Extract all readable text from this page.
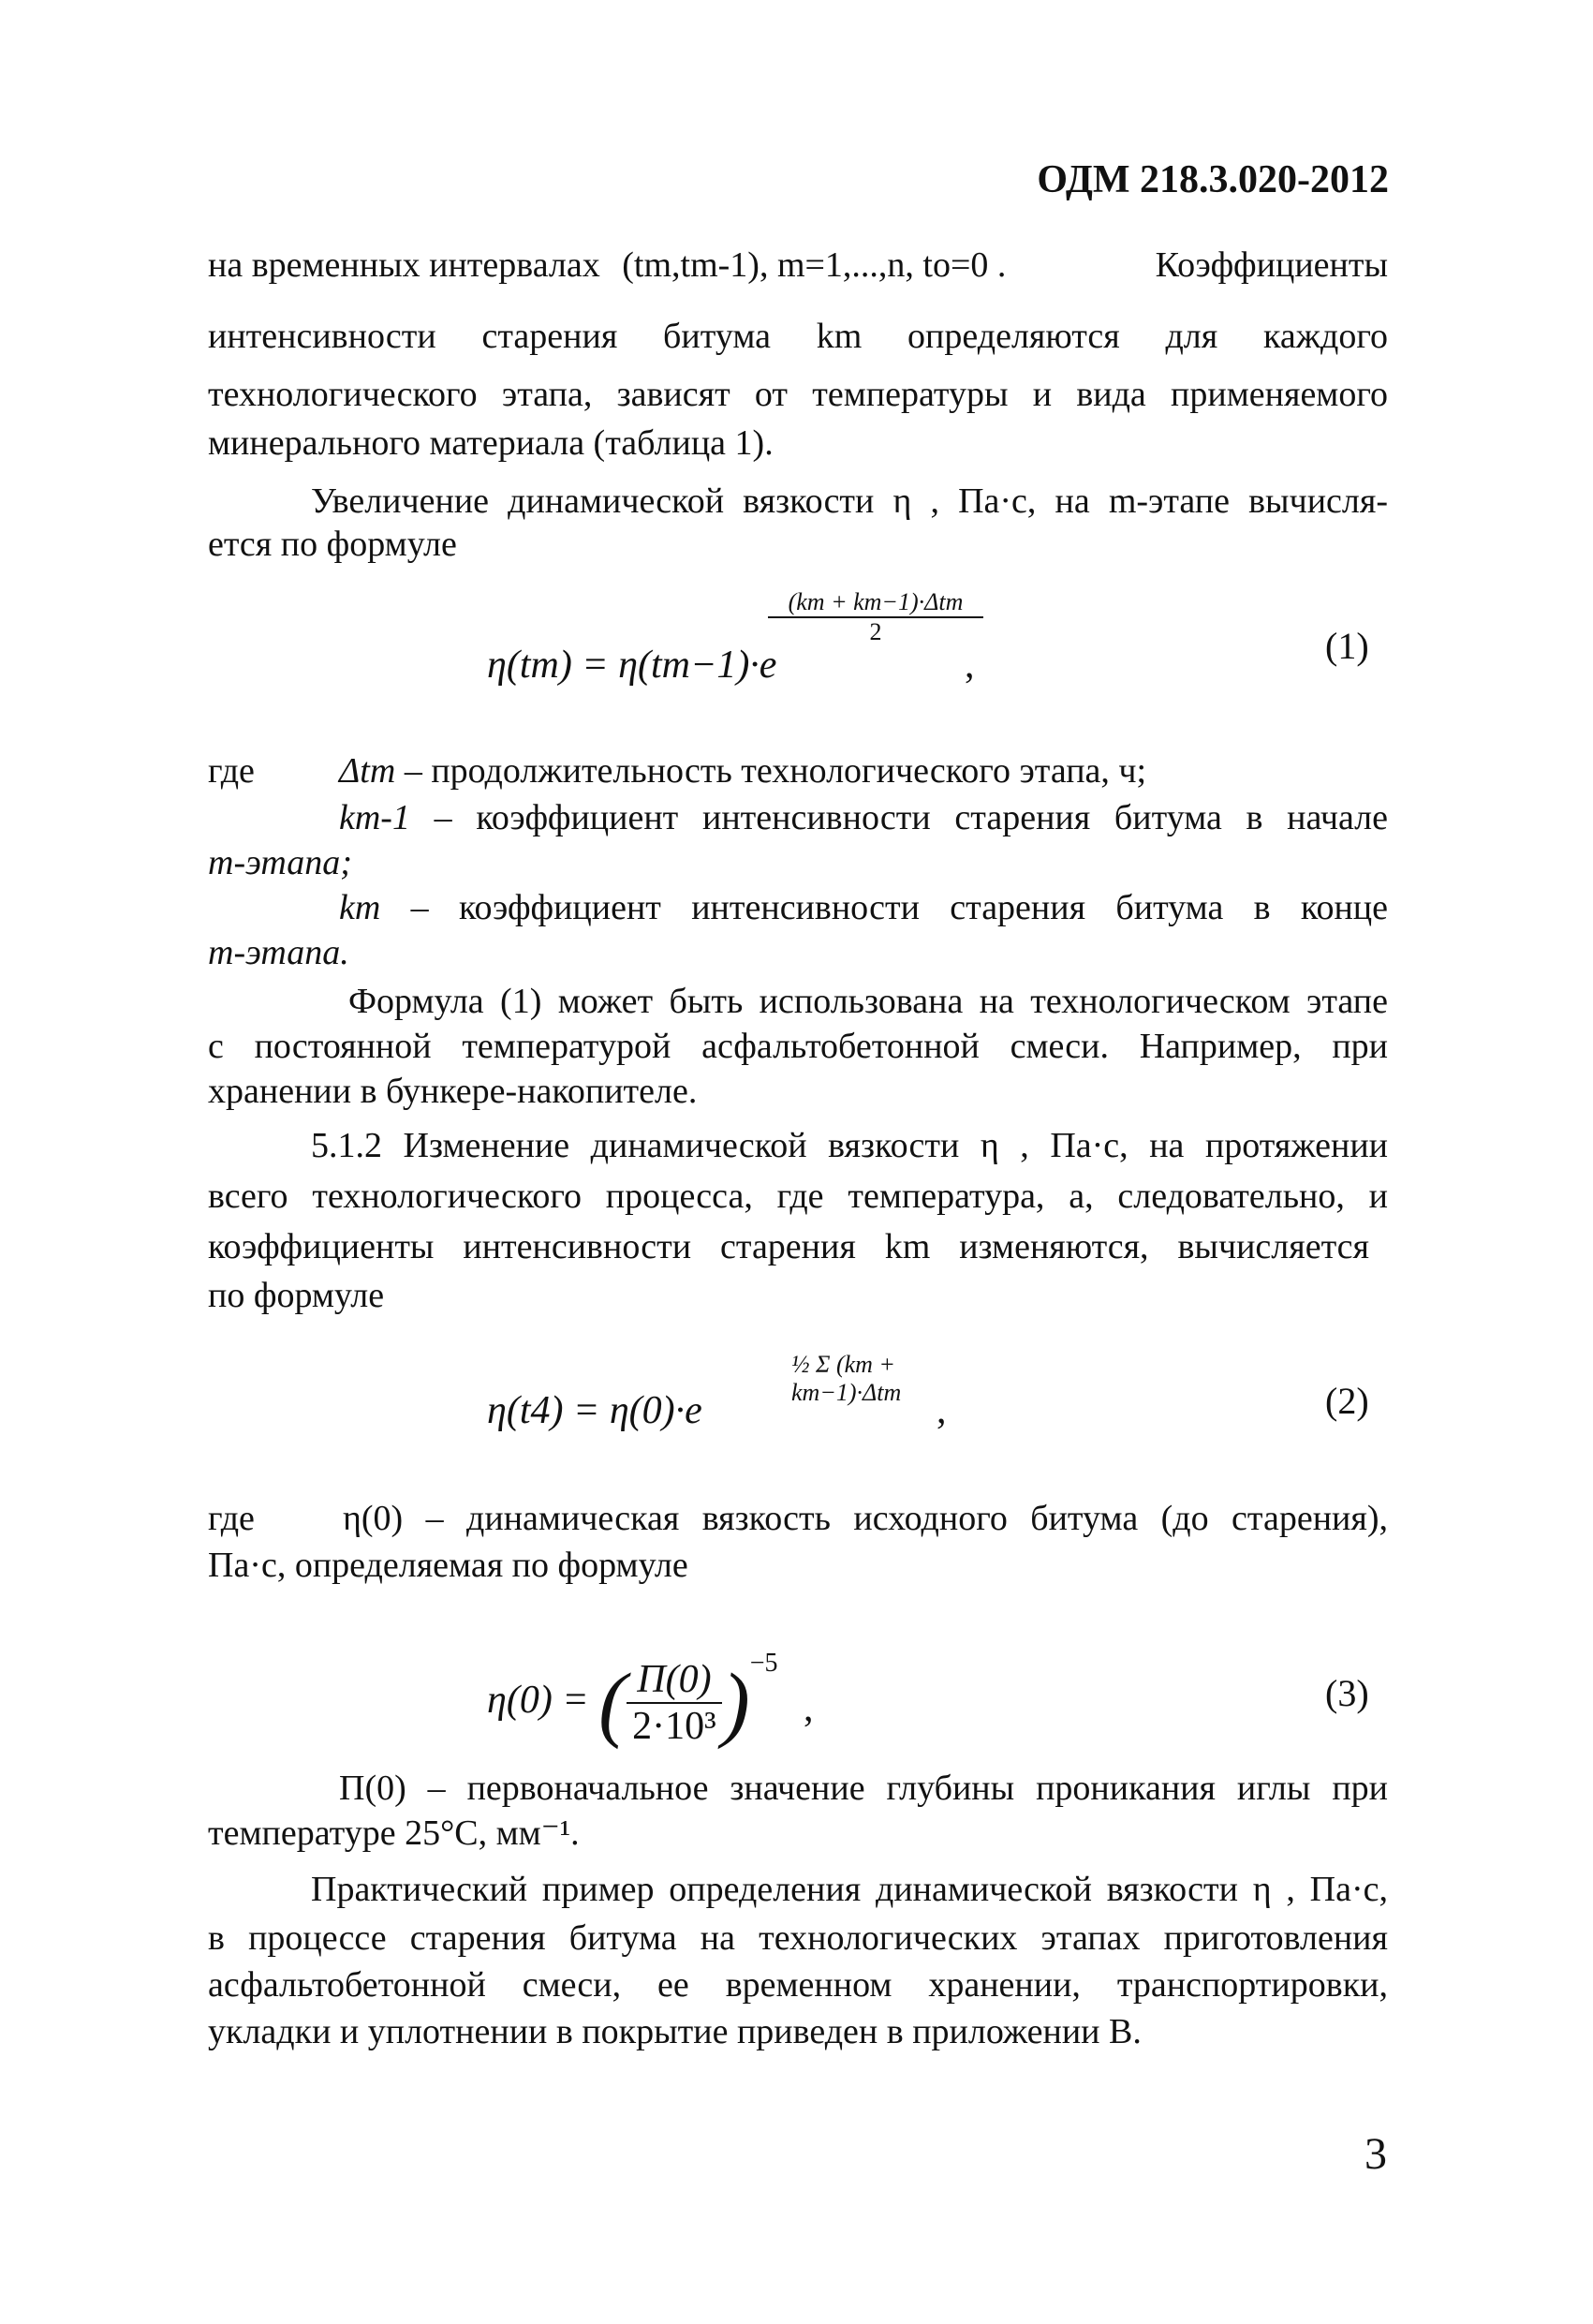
ОДМ 218.3.020-2012
на временных интервалах (tm,tm-1), m=1,...,n, to=0 .	Коэффициенты
интенсивности старения битума km определяются для каждого
технологического этапа, зависят от температуры и вида применяемого
минерального материала (таблица 1).
Увеличение динамической вязкости η , Па·с, на m-этапе вычисля-
ется по формуле
(km + km−1)·Δtm
2
η(tm) = η(tm−1)·e	,	(1)
где Δtm – продолжительность технологического этапа, ч;
km-1 – коэффициент интенсивности старения битума в начале
m-этапа;
km – коэффициент интенсивности старения битума в конце
m-этапа.
Формула (1) может быть использована на технологическом этапе
с постоянной температурой асфальтобетонной смеси. Например, при
хранении в бункере-накопителе.
5.1.2 Изменение динамической вязкости η , Па·с, на протяжении
всего технологического процесса, где температура, а, следовательно, и
коэффициенты интенсивности старения km изменяются, вычисляется
по формуле
½ Σ (km + km−1)·Δtm
η(t4) = η(0)·e	,	(2)
где η(0) – динамическая вязкость исходного битума (до старения),
Па·с, определяемая по формуле
η(0) = ( $\frac{П(0)}{\text{2·10³}} )^{-5}$
,	(3)
П(0) – первоначальное значение глубины проникания иглы при
температуре 25°С, мм⁻¹.
Практический пример определения динамической вязкости η , Па·с,
в процессе старения битума на технологических этапах приготовления
асфальтобетонной смеси, ее временном хранении, транспортировки,
укладки и уплотнении в покрытие приведен в приложении В.
3
